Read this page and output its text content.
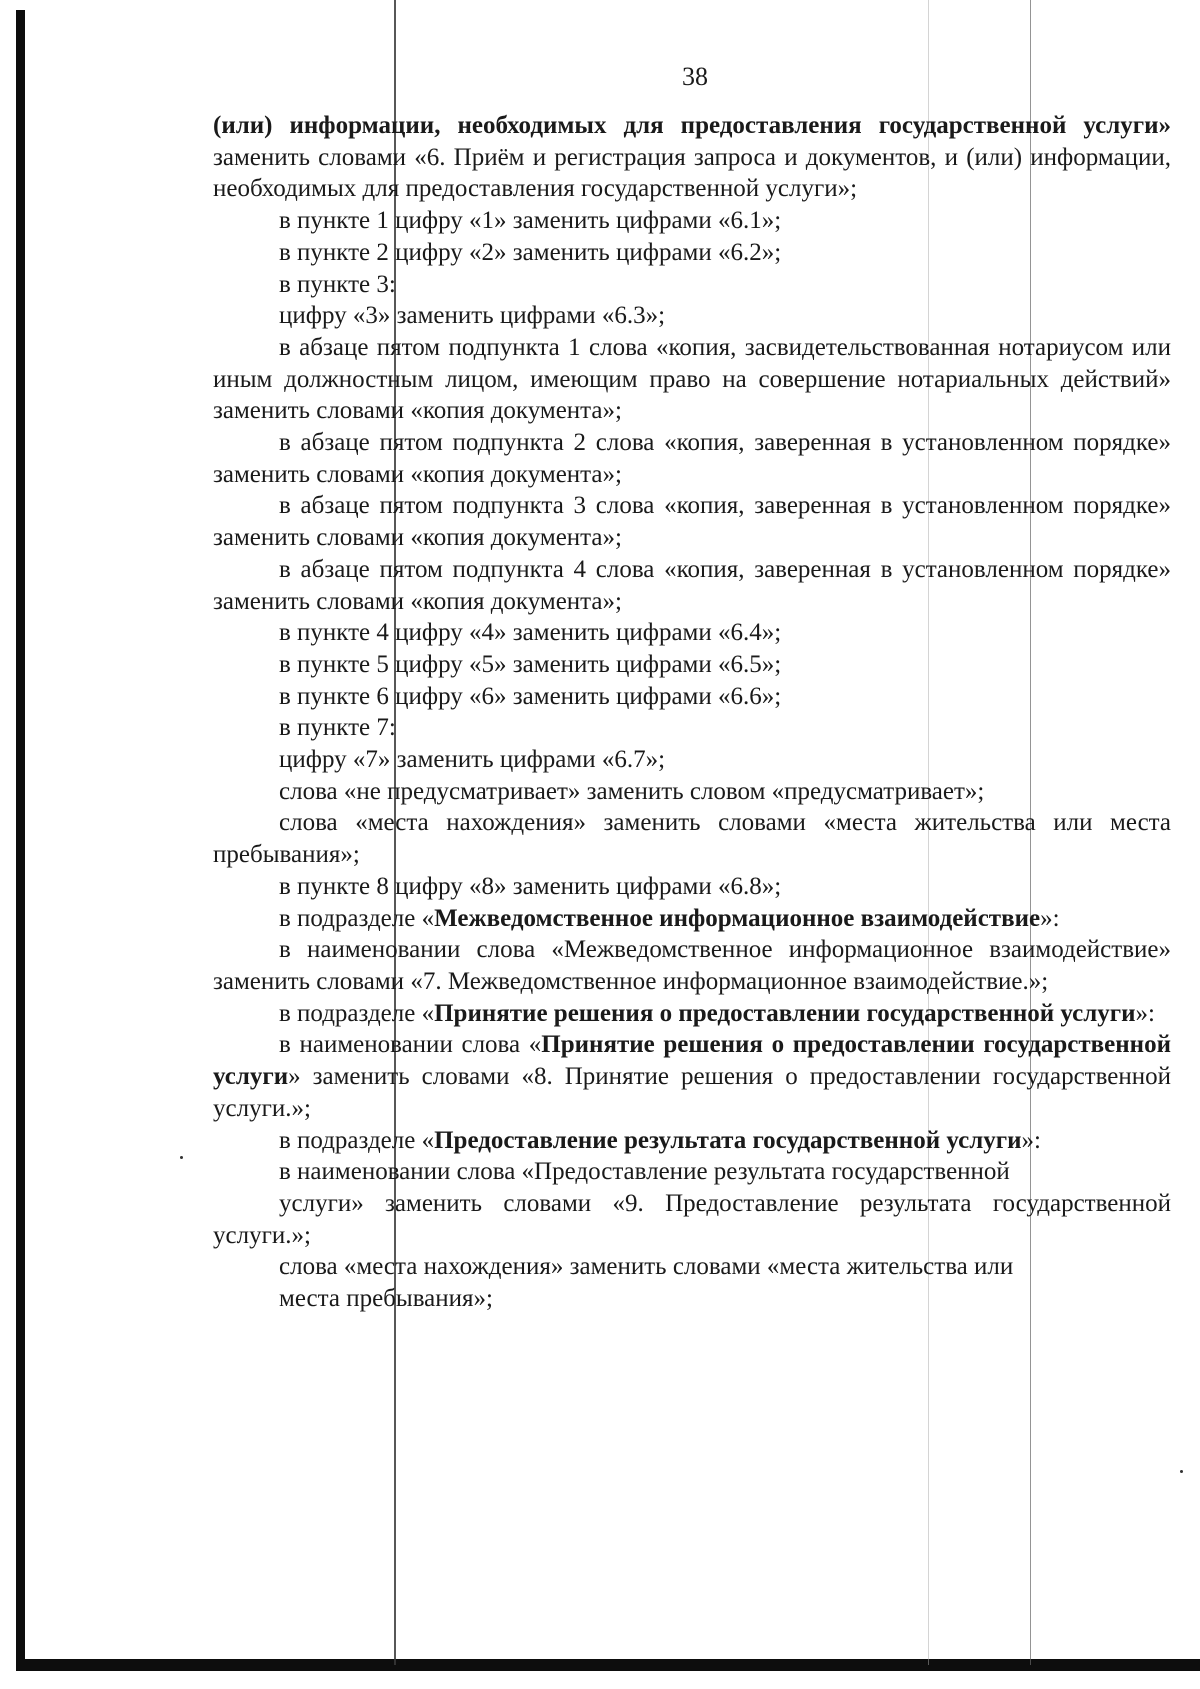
38

(или) информации, необходимых для предоставления государственной услуги» заменить словами «6. Приём и регистрация запроса и документов, и (или) информации, необходимых для предоставления государственной услуги»;

в пункте 1 цифру «1» заменить цифрами «6.1»;

в пункте 2 цифру «2» заменить цифрами «6.2»;

в пункте 3:

цифру «3» заменить цифрами «6.3»;

в абзаце пятом подпункта 1 слова «копия, засвидетельствованная нотариусом или иным должностным лицом, имеющим право на совершение нотариальных действий» заменить словами «копия документа»;

в абзаце пятом подпункта 2 слова «копия, заверенная в установленном порядке» заменить словами «копия документа»;

в абзаце пятом подпункта 3 слова «копия, заверенная в установленном порядке» заменить словами «копия документа»;

в абзаце пятом подпункта 4 слова «копия, заверенная в установленном порядке» заменить словами «копия документа»;

в пункте 4 цифру «4» заменить цифрами «6.4»;

в пункте 5 цифру «5» заменить цифрами «6.5»;

в пункте 6 цифру «6» заменить цифрами «6.6»;

в пункте 7:

цифру «7» заменить цифрами «6.7»;

слова «не предусматривает» заменить словом «предусматривает»;

слова «места нахождения» заменить словами «места жительства или места пребывания»;

в пункте 8 цифру «8» заменить цифрами «6.8»;

в подразделе «Межведомственное информационное взаимодействие»:

в наименовании слова «Межведомственное информационное взаимодействие» заменить словами «7. Межведомственное информационное взаимодействие.»;

в подразделе «Принятие решения о предоставлении государственной услуги»:

в наименовании слова «Принятие решения о предоставлении государственной услуги» заменить словами «8. Принятие решения о предоставлении государственной услуги.»;

в подразделе «Предоставление результата государственной услуги»:

в наименовании слова «Предоставление результата государственной

услуги» заменить словами «9. Предоставление результата государственной услуги.»;

слова «места нахождения» заменить словами «места жительства или

места пребывания»;
